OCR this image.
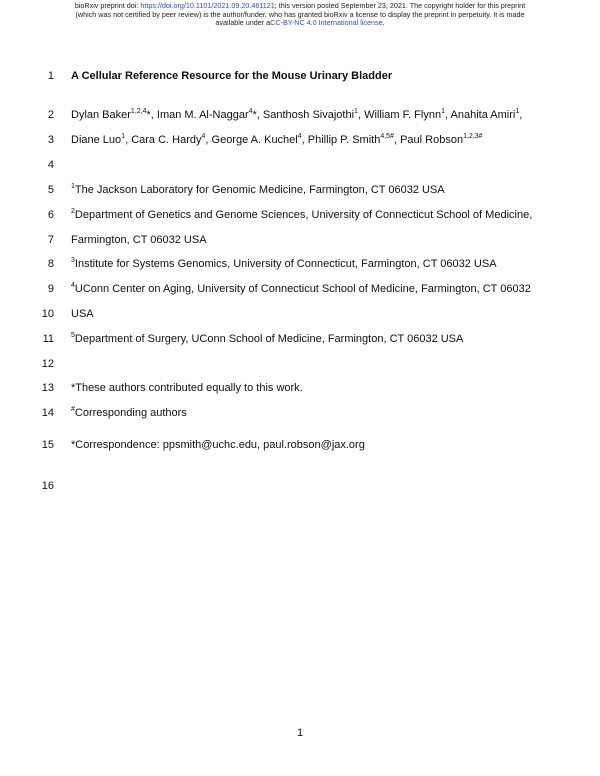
bioRxiv preprint doi: https://doi.org/10.1101/2021.09.20.461121; this version posted September 23, 2021. The copyright holder for this preprint
(which was not certified by peer review) is the author/funder, who has granted bioRxiv a license to display the preprint in perpetuity. It is made
available under aCC-BY-NC 4.0 International license.
1 A Cellular Reference Resource for the Mouse Urinary Bladder
2 Dylan Baker$^{1,2,4}$*, Iman M. Al-Naggar$^4$*, Santhosh Sivajothi$^1$, William F. Flynn$^1$, Anahita Amiri$^1$,
3 Diane Luo$^1$, Cara C. Hardy$^4$, George A. Kuchel$^4$, Phillip P. Smith$^{4,5\#}$, Paul Robson$^{1,2,3\#}$
4
5 $^1$The Jackson Laboratory for Genomic Medicine, Farmington, CT 06032 USA
6 $^2$Department of Genetics and Genome Sciences, University of Connecticut School of Medicine,
7 Farmington, CT 06032 USA
8 $^3$Institute for Systems Genomics, University of Connecticut, Farmington, CT 06032 USA
9 $^4$UConn Center on Aging, University of Connecticut School of Medicine, Farmington, CT 06032
10 USA
11 $^5$Department of Surgery, UConn School of Medicine, Farmington, CT 06032 USA
12
13 *These authors contributed equally to this work.
14 #Corresponding authors
15 *Correspondence: ppsmith@uchc.edu, paul.robson@jax.org
16
1
